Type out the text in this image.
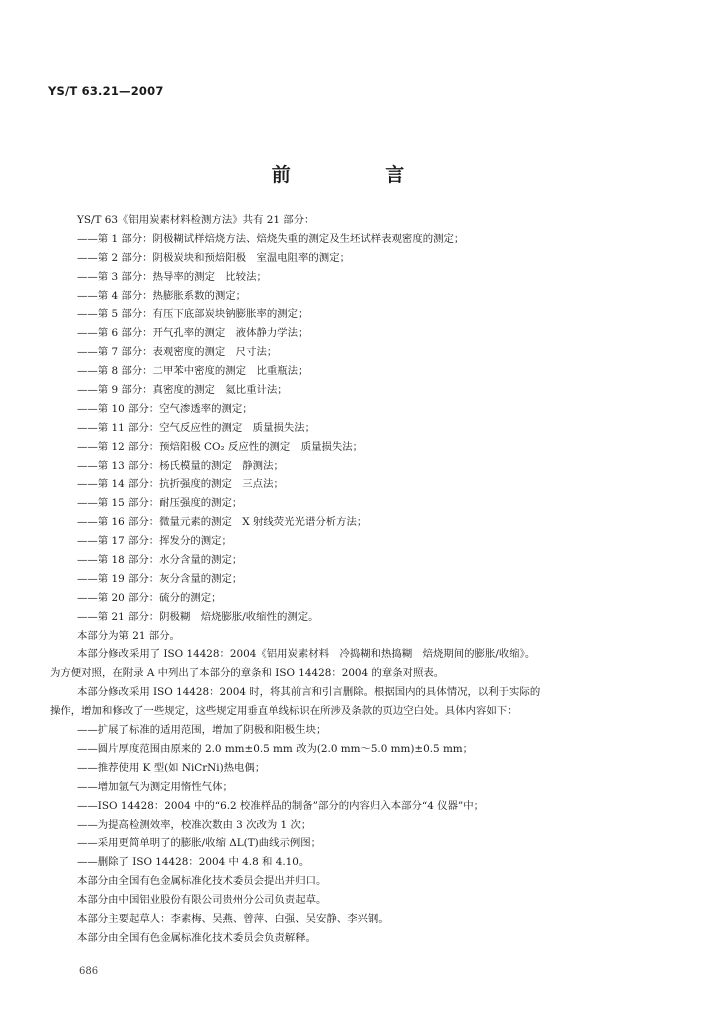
YS/T 63.21—2007
前 言
YS/T 63《铝用炭素材料检测方法》共有 21 部分：
——第 1 部分：阴极糊试样焙烧方法、焙烧失重的测定及生坯试样表观密度的测定；
——第 2 部分：阴极炭块和预焙阳极　室温电阻率的测定；
——第 3 部分：热导率的测定　比较法；
——第 4 部分：热膨胀系数的测定；
——第 5 部分：有压下底部炭块钠膨胀率的测定；
——第 6 部分：开气孔率的测定　液体静力学法；
——第 7 部分：表观密度的测定　尺寸法；
——第 8 部分：二甲苯中密度的测定　比重瓶法；
——第 9 部分：真密度的测定　氦比重计法；
——第 10 部分：空气渗透率的测定；
——第 11 部分：空气反应性的测定　质量损失法；
——第 12 部分：预焙阳极 CO₂ 反应性的测定　质量损失法；
——第 13 部分：杨氏模量的测定　静测法；
——第 14 部分：抗折强度的测定　三点法；
——第 15 部分：耐压强度的测定；
——第 16 部分：微量元素的测定　X 射线荧光光谱分析方法；
——第 17 部分：挥发分的测定；
——第 18 部分：水分含量的测定；
——第 19 部分：灰分含量的测定；
——第 20 部分：硫分的测定；
——第 21 部分：阴极糊　焙烧膨胀/收缩性的测定。
本部分为第 21 部分。
本部分修改采用了 ISO 14428：2004《铝用炭素材料　冷捣糊和热捣糊　焙烧期间的膨胀/收缩》。
为方便对照，在附录 A 中列出了本部分的章条和 ISO 14428：2004 的章条对照表。
本部分修改采用 ISO 14428：2004 时，将其前言和引言删除。根据国内的具体情况，以利于实际的
操作，增加和修改了一些规定，这些规定用垂直单线标识在所涉及条款的页边空白处。具体内容如下：
——扩展了标准的适用范围，增加了阴极和阳极生块；
——圆片厚度范围由原来的 2.0 mm±0.5 mm 改为(2.0 mm～5.0 mm)±0.5 mm；
——推荐使用 K 型(如 NiCrNi)热电偶；
——增加氩气为测定用惰性气体；
——ISO 14428：2004 中的“6.2 校准样品的制备”部分的内容归入本部分“4 仪器”中；
——为提高检测效率，校准次数由 3 次改为 1 次；
——采用更简单明了的膨胀/收缩 ΔL(T)曲线示例图；
——删除了 ISO 14428：2004 中 4.8 和 4.10。
本部分由全国有色金属标准化技术委员会提出并归口。
本部分由中国铝业股份有限公司贵州分公司负责起草。
本部分主要起草人：李素梅、吴燕、曾萍、白强、吴安静、李兴钢。
本部分由全国有色金属标准化技术委员会负责解释。
686
